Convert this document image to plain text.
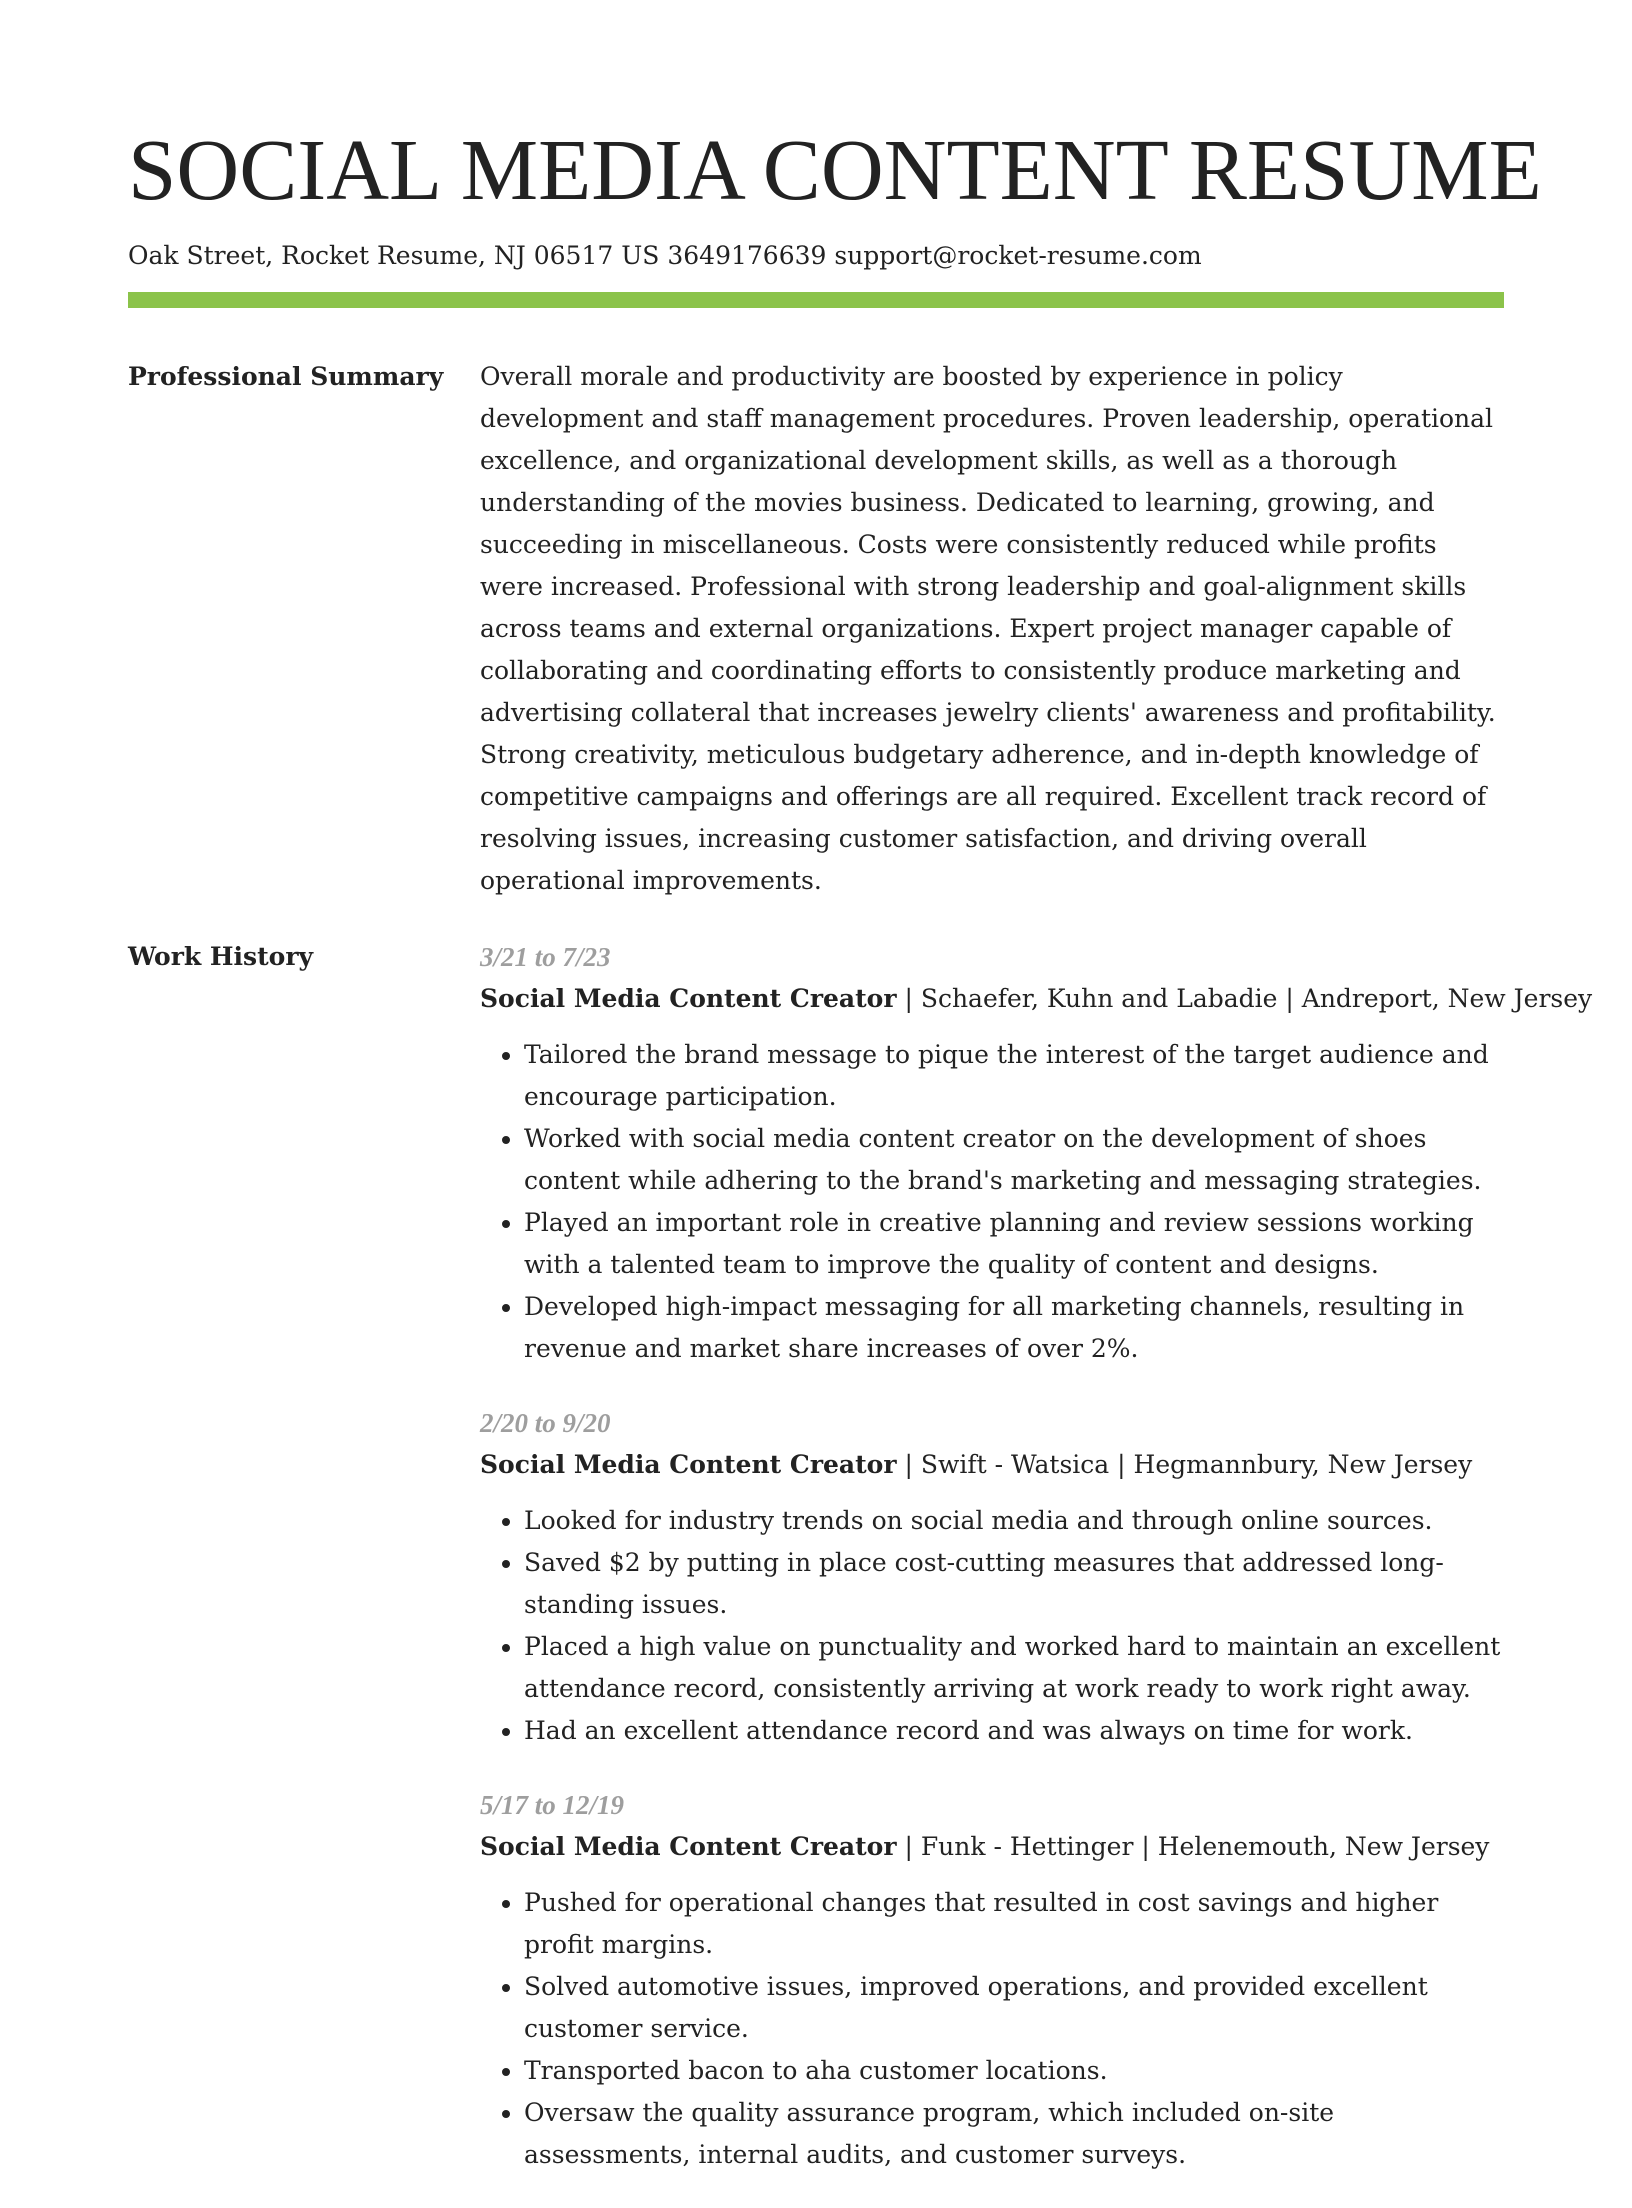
SOCIAL MEDIA CONTENT RESUME
Oak Street, Rocket Resume, NJ 06517 US 3649176639 support@rocket-resume.com
Professional Summary	Overall morale and productivity are boosted by experience in policy development and staff management procedures. Proven leadership, operational excellence, and organizational development skills, as well as a thorough understanding of the movies business. Dedicated to learning, growing, and succeeding in miscellaneous. Costs were consistently reduced while profits were increased. Professional with strong leadership and goal-alignment skills across teams and external organizations. Expert project manager capable of collaborating and coordinating efforts to consistently produce marketing and advertising collateral that increases jewelry clients' awareness and profitability. Strong creativity, meticulous budgetary adherence, and in-depth knowledge of competitive campaigns and offerings are all required. Excellent track record of resolving issues, increasing customer satisfaction, and driving overall operational improvements.

Work History	3/21 to 7/23
Social Media Content Creator | Schaefer, Kuhn and Labadie | Andreport, New Jersey
• Tailored the brand message to pique the interest of the target audience and encourage participation.
• Worked with social media content creator on the development of shoes content while adhering to the brand's marketing and messaging strategies.
• Played an important role in creative planning and review sessions working with a talented team to improve the quality of content and designs.
• Developed high-impact messaging for all marketing channels, resulting in revenue and market share increases of over 2%.
2/20 to 9/20
Social Media Content Creator | Swift - Watsica | Hegmannbury, New Jersey
• Looked for industry trends on social media and through online sources.
• Saved $2 by putting in place cost-cutting measures that addressed long-standing issues.
• Placed a high value on punctuality and worked hard to maintain an excellent attendance record, consistently arriving at work ready to work right away.
• Had an excellent attendance record and was always on time for work.
5/17 to 12/19
Social Media Content Creator | Funk - Hettinger | Helenemouth, New Jersey
• Pushed for operational changes that resulted in cost savings and higher profit margins.
• Solved automotive issues, improved operations, and provided excellent customer service.
• Transported bacon to aha customer locations.
• Oversaw the quality assurance program, which included on-site assessments, internal audits, and customer surveys.
